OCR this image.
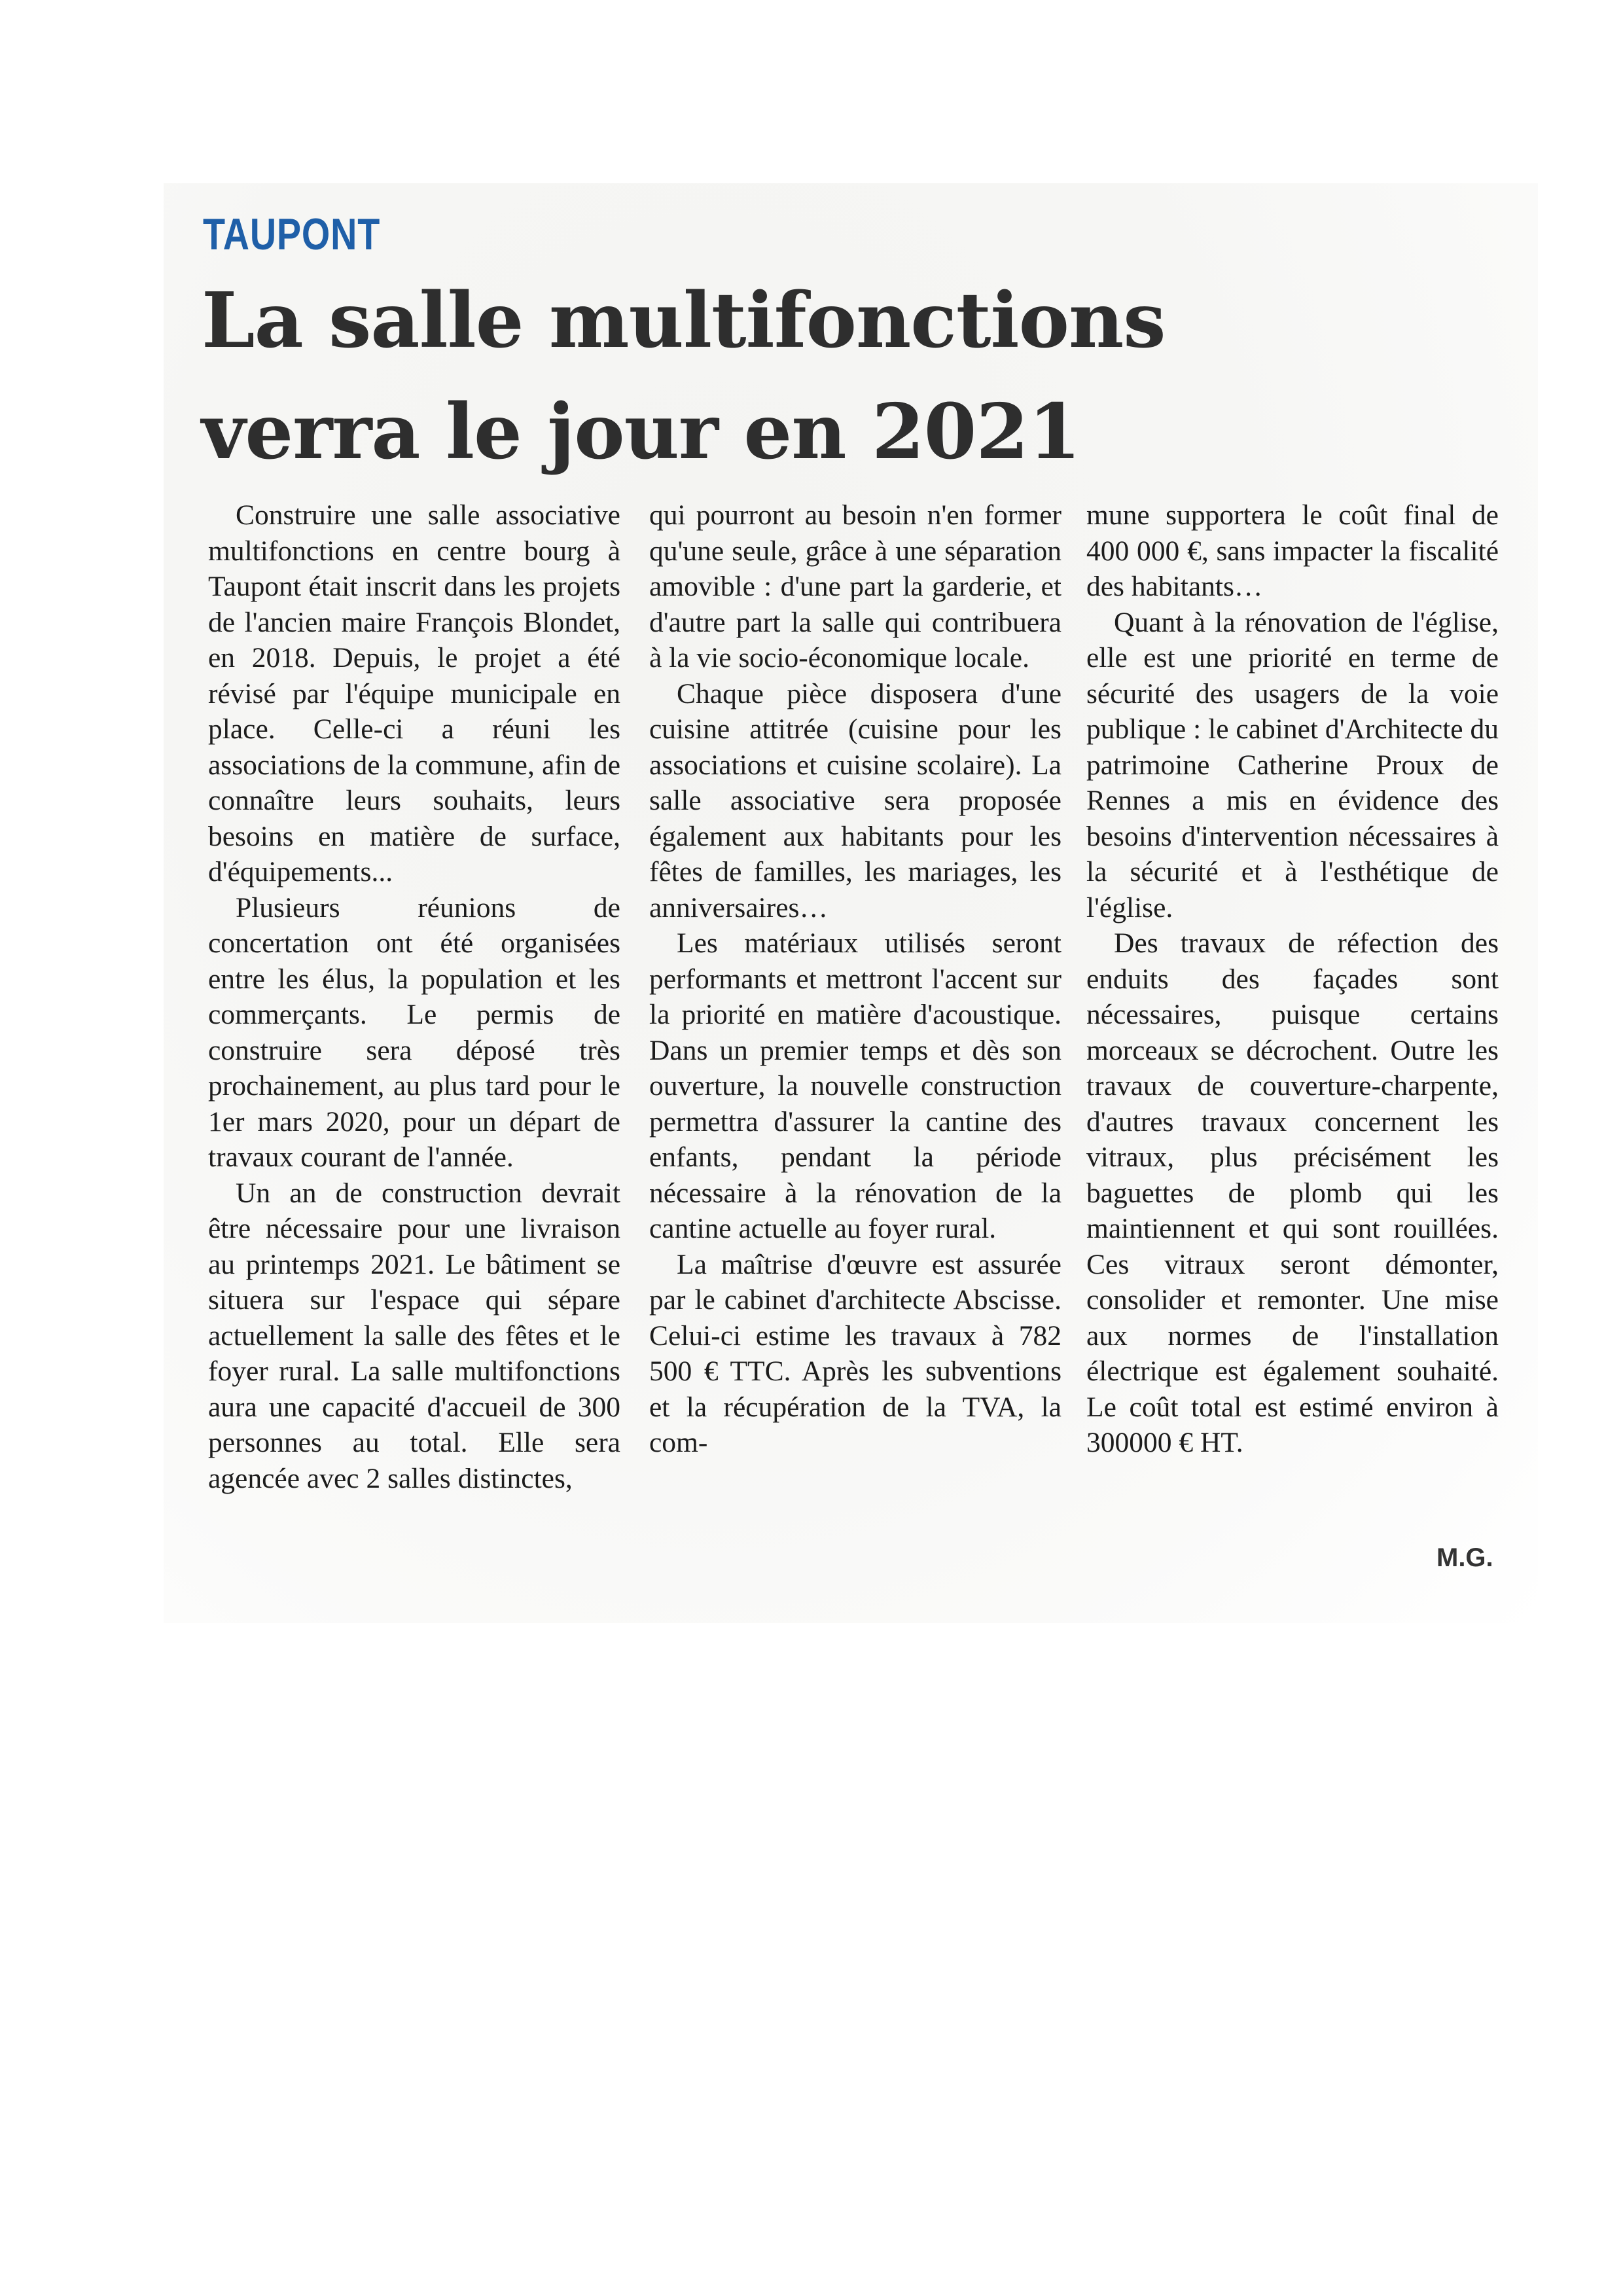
TAUPONT
La salle multifonctions verra le jour en 2021

Construire une salle associative multifonctions en centre bourg à Taupont était inscrit dans les projets de l'ancien maire François Blondet, en 2018. Depuis, le projet a été révisé par l'équipe municipale en place. Celle-ci a réuni les associations de la commune, afin de connaître leurs souhaits, leurs besoins en matière de surface, d'équipements...

Plusieurs réunions de concertation ont été organisées entre les élus, la population et les commerçants. Le permis de construire sera déposé très prochainement, au plus tard pour le 1er mars 2020, pour un départ de travaux courant de l'année.

Un an de construction devrait être nécessaire pour une livraison au printemps 2021. Le bâtiment se situera sur l'espace qui sépare actuellement la salle des fêtes et le foyer rural. La salle multifonctions aura une capacité d'accueil de 300 personnes au total. Elle sera agencée avec 2 salles distinctes,

qui pourront au besoin n'en former qu'une seule, grâce à une séparation amovible : d'une part la garderie, et d'autre part la salle qui contribuera à la vie socio-économique locale.

Chaque pièce disposera d'une cuisine attitrée (cuisine pour les associations et cuisine scolaire). La salle associative sera proposée également aux habitants pour les fêtes de familles, les mariages, les anniversaires…

Les matériaux utilisés seront performants et mettront l'accent sur la priorité en matière d'acoustique. Dans un premier temps et dès son ouverture, la nouvelle construction permettra d'assurer la cantine des enfants, pendant la période nécessaire à la rénovation de la cantine actuelle au foyer rural.

La maîtrise d'œuvre est assurée par le cabinet d'architecte Abscisse. Celui-ci estime les travaux à 782 500 € TTC. Après les subventions et la récupération de la TVA, la com-

mune supportera le coût final de 400 000 €, sans impacter la fiscalité des habitants…

Quant à la rénovation de l'église, elle est une priorité en terme de sécurité des usagers de la voie publique : le cabinet d'Architecte du patrimoine Catherine Proux de Rennes a mis en évidence des besoins d'intervention nécessaires à la sécurité et à l'esthétique de l'église.

Des travaux de réfection des enduits des façades sont nécessaires, puisque certains morceaux se décrochent. Outre les travaux de couverture-charpente, d'autres travaux concernent les vitraux, plus précisément les baguettes de plomb qui les maintiennent et qui sont rouillées. Ces vitraux seront démonter, consolider et remonter. Une mise aux normes de l'installation électrique est également souhaité. Le coût total est estimé environ à 300000 € HT.

M.G.
